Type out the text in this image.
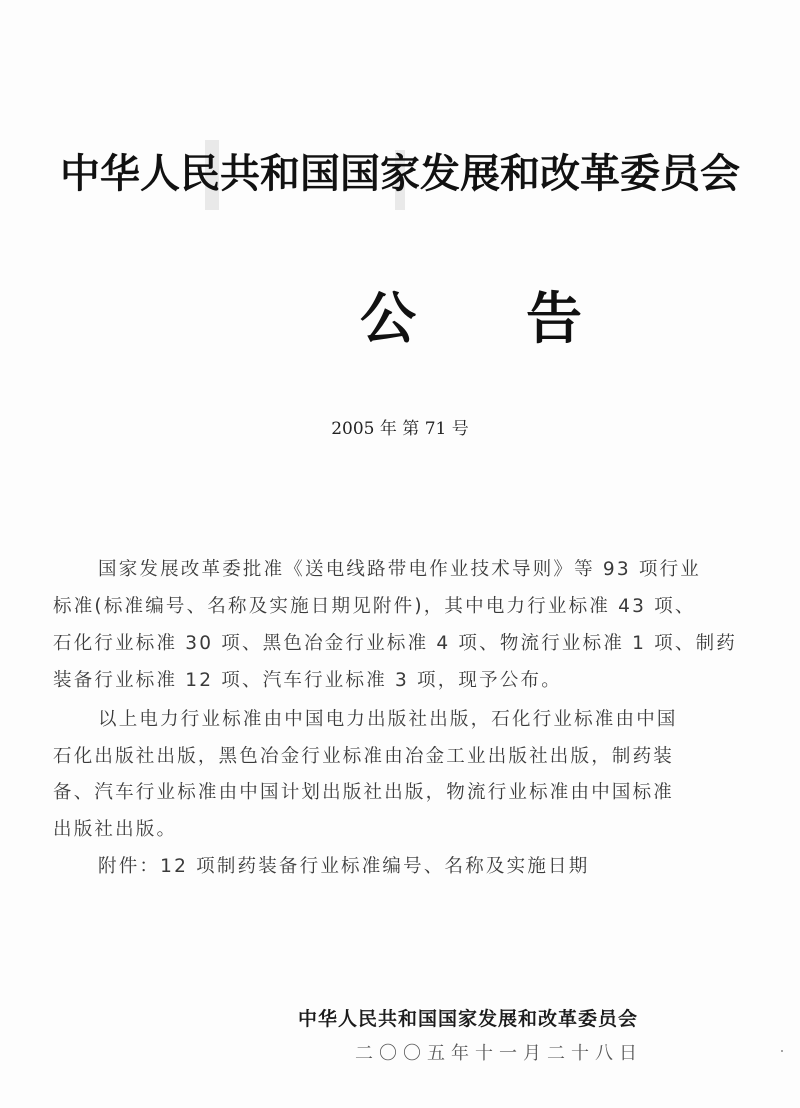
中华人民共和国国家发展和改革委员会
公告
2005 年 第 71 号
国家发展改革委批准《送电线路带电作业技术导则》等 93 项行业
标准(标准编号、名称及实施日期见附件)，其中电力行业标准 43 项、
石化行业标准 30 项、黑色冶金行业标准 4 项、物流行业标准 1 项、制药
装备行业标准 12 项、汽车行业标准 3 项，现予公布。
以上电力行业标准由中国电力出版社出版，石化行业标准由中国
石化出版社出版，黑色冶金行业标准由冶金工业出版社出版，制药装
备、汽车行业标准由中国计划出版社出版，物流行业标准由中国标准
出版社出版。
附件：12 项制药装备行业标准编号、名称及实施日期
中华人民共和国国家发展和改革委员会
二〇〇五年十一月二十八日
